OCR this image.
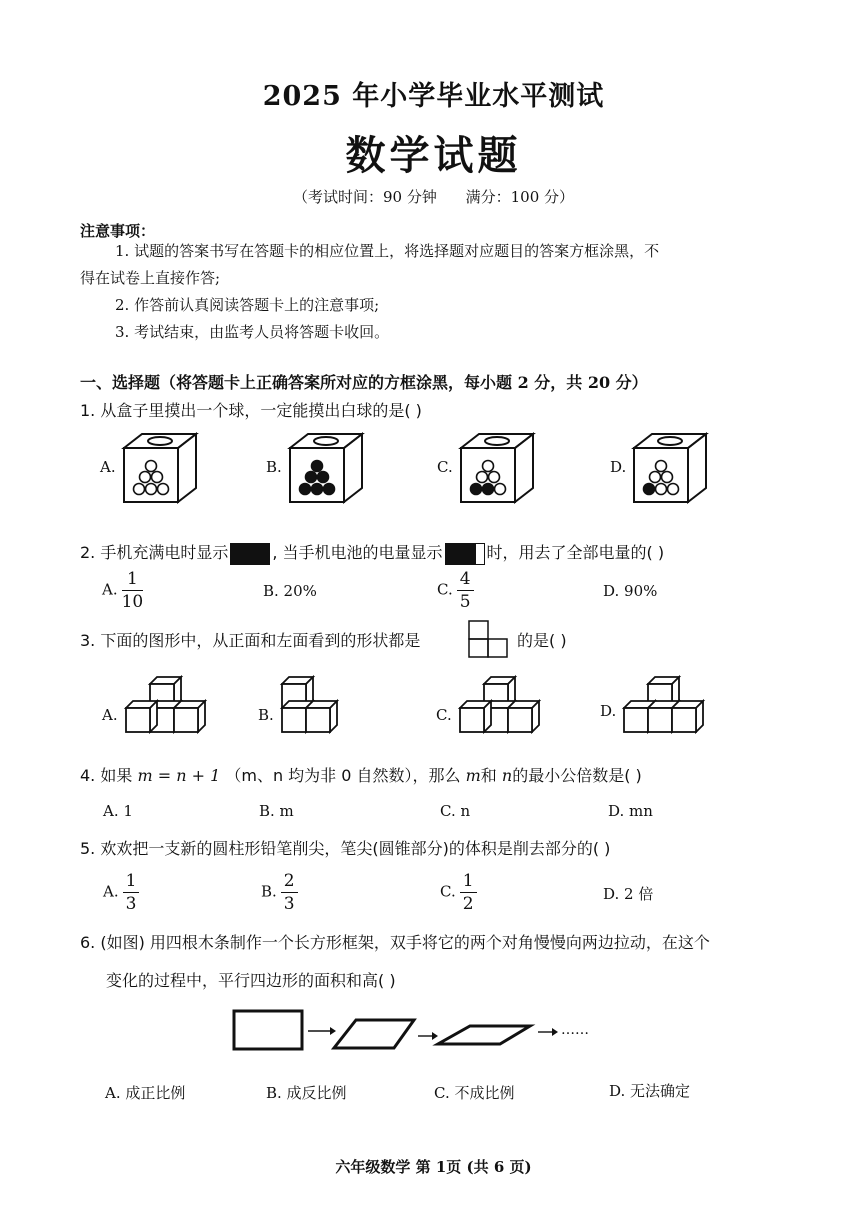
2025 年小学毕业水平测试
数学试题
（考试时间：90 分钟 满分：100 分）
注意事项：
1. 试题的答案书写在答题卡的相应位置上，将选择题对应题目的答案方框涂黑，不
得在试卷上直接作答;
2. 作答前认真阅读答题卡上的注意事项;
3. 考试结束，由监考人员将答题卡收回。
一、选择题（将答题卡上正确答案所对应的方框涂黑，每小题 2 分，共 20 分）
1. 从盒子里摸出一个球，一定能摸出白球的是( )
A.	B.	C.	D.
2. 手机充满电时显示	, 当手机电池的电量显示	时，用去了全部电量的( )
A. $\frac{1}{10}$	B. 20%	C. $\frac{4}{5}$	D. 90%
3. 下面的图形中，从正面和左面看到的形状都是	的是( )
A.	B.	C.	D.
4. 如果 m = n + 1 （m、n 均为非 0 自然数），那么 m和 n的最小公倍数是( )
A. 1	B. m	C. n	D. mn
5. 欢欢把一支新的圆柱形铅笔削尖，笔尖(圆锥部分)的体积是削去部分的( )
A. $\frac{1}{3}$	B. $\frac{2}{3}$	C. $\frac{1}{2}$	D. 2 倍
6. (如图) 用四根木条制作一个长方形框架，双手将它的两个对角慢慢向两边拉动，在这个
变化的过程中，平行四边形的面积和高( )
……
A. 成正比例	B. 成反比例	C. 不成比例	D. 无法确定
六年级数学 第 1页 (共 6 页)
